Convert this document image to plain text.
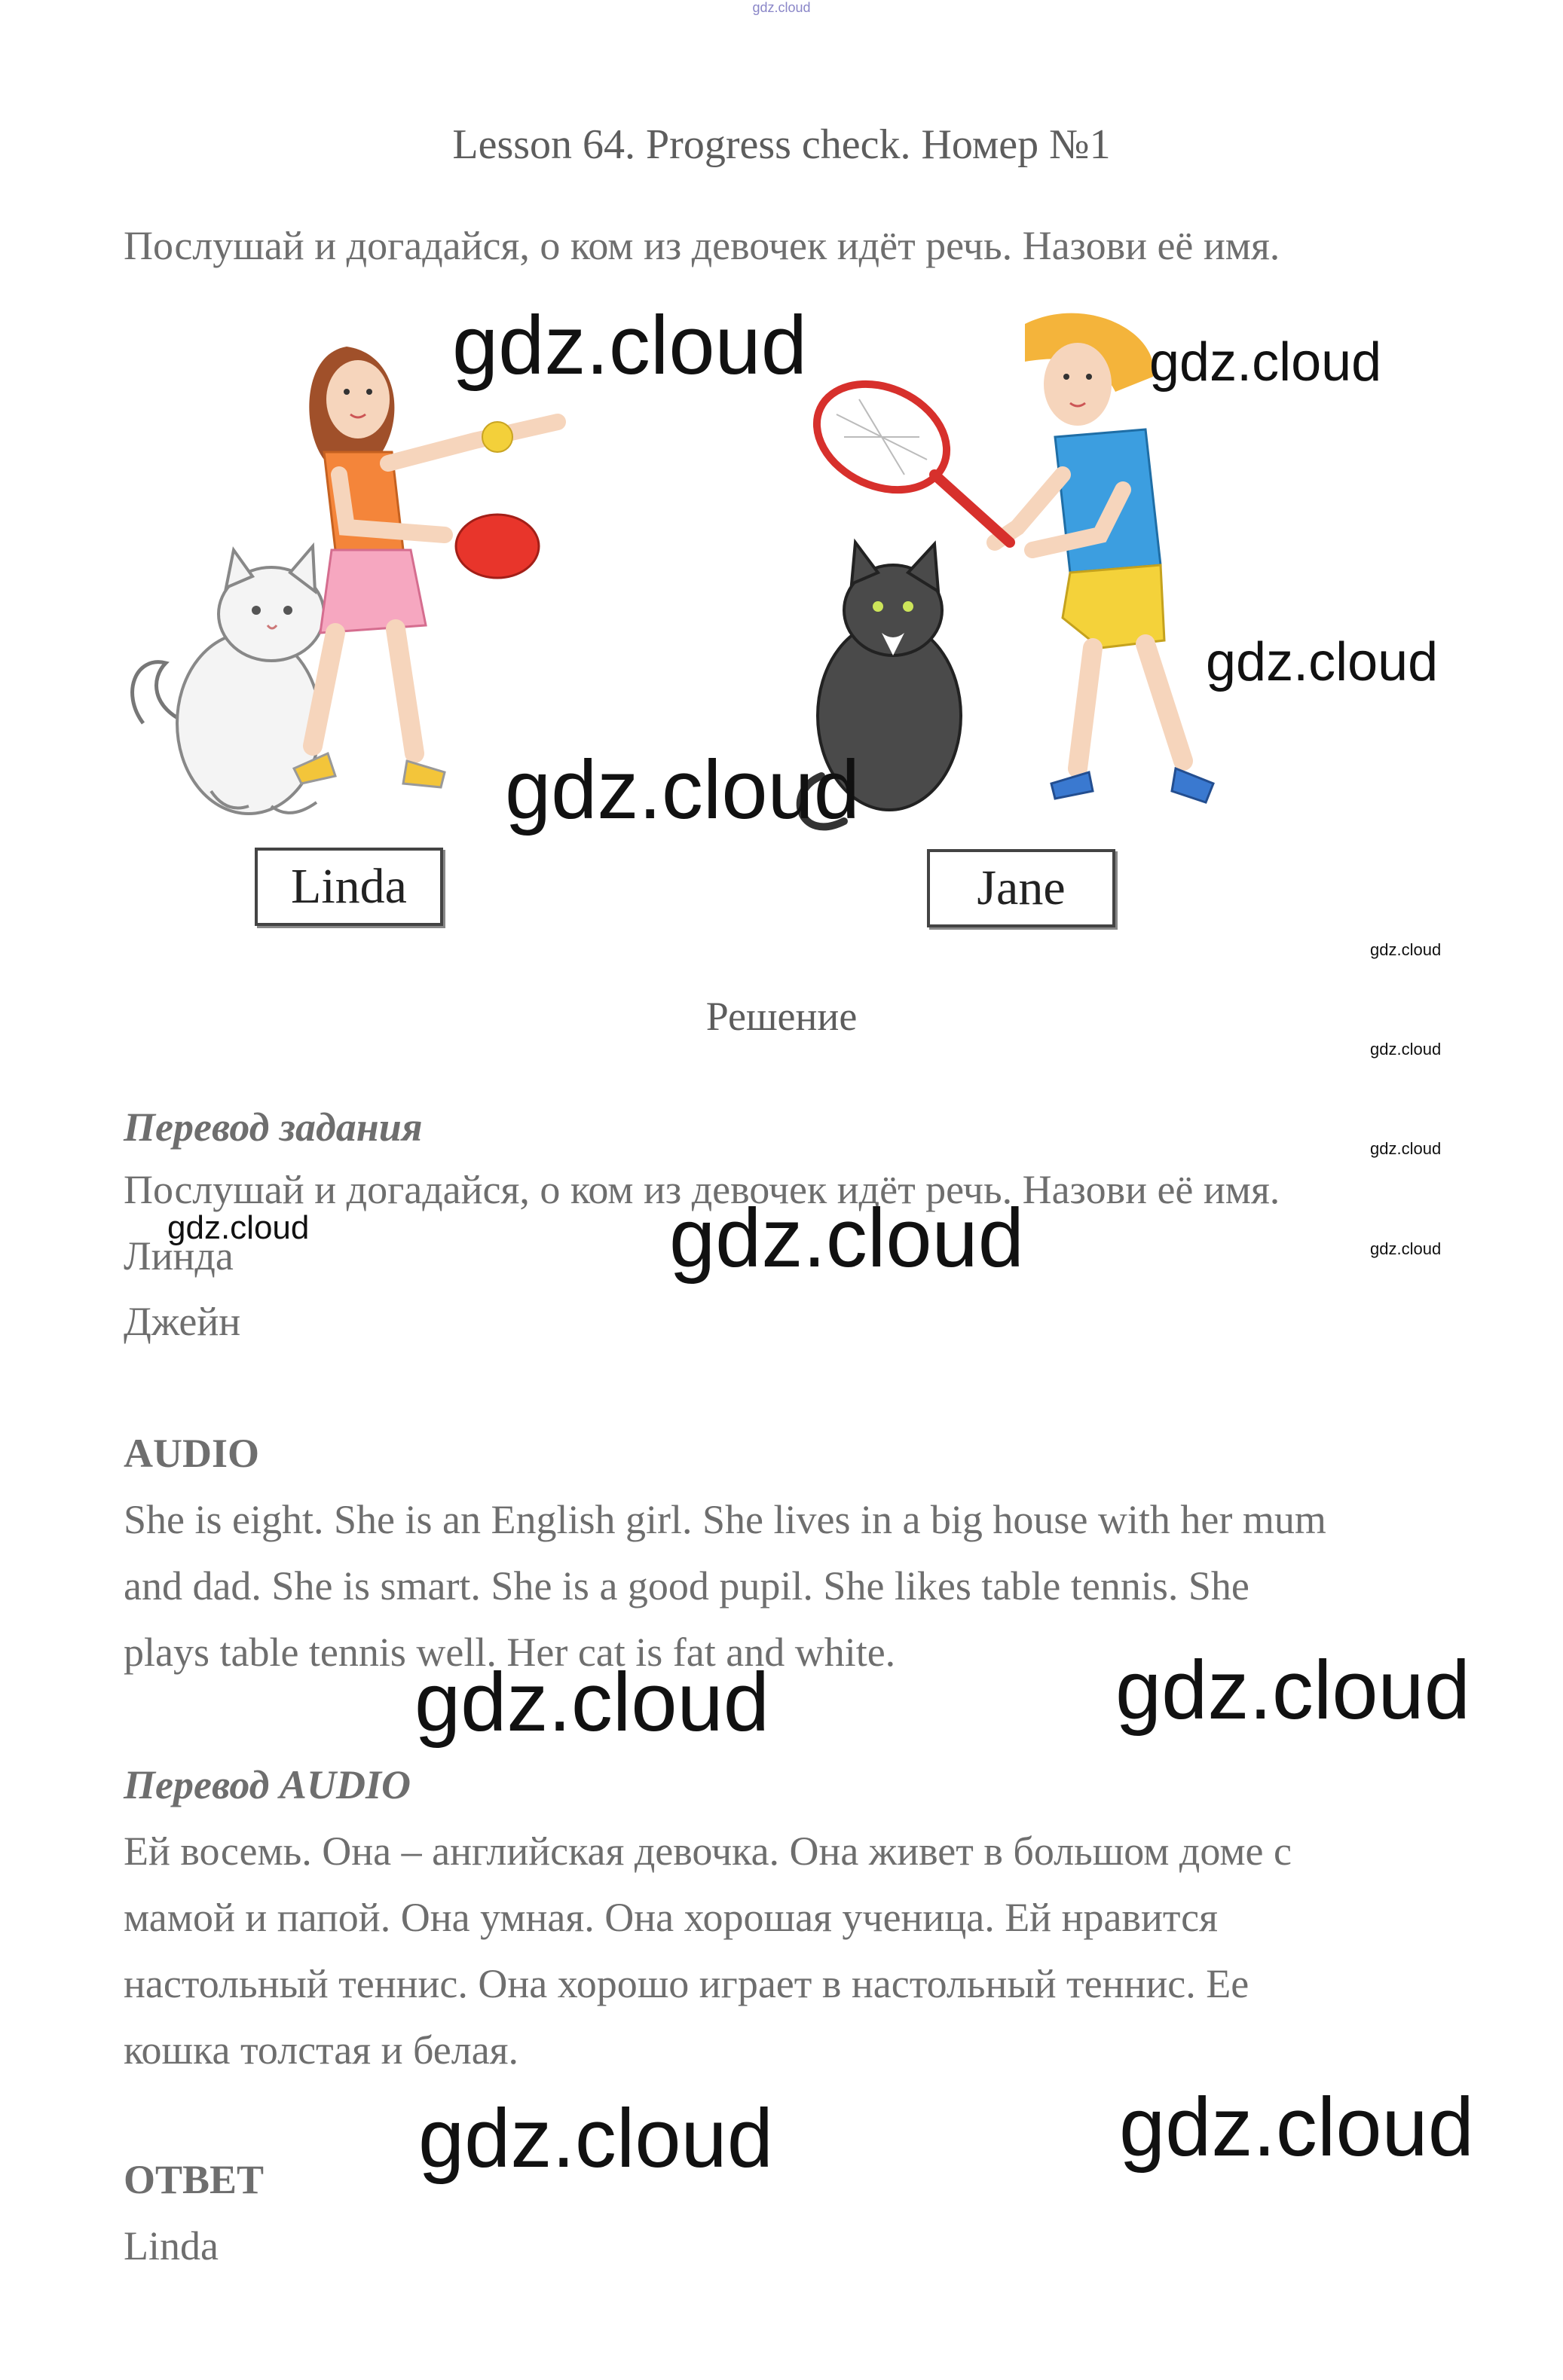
gdz.cloud
Lesson 64. Progress check. Номер №1
Послушай и догадайся, о ком из девочек идёт речь. Назови её имя.
Linda	Jane
Решение
Перевод задания
Послушай и догадайся, о ком из девочек идёт речь. Назови её имя.
Линда
Джейн
AUDIO
She is eight. She is an English girl. She lives in a big house with her mum
and dad. She is smart. She is a good pupil. She likes table tennis. She
plays table tennis well. Her cat is fat and white.
Перевод AUDIO
Ей восемь. Она – английская девочка. Она живет в большом доме с
мамой и папой. Она умная. Она хорошая ученица. Ей нравится
настольный теннис. Она хорошо играет в настольный теннис. Ее
кошка толстая и белая.
ОТВЕТ
Linda
gdz.cloud	gdz.cloud
gdz.cloud
gdz.cloud
gdz.cloud
gdz.cloud
gdz.cloud
gdz.cloud
gdz.cloud	gdz.cloud
gdz.cloud	gdz.cloud
gdz.cloud	gdz.cloud
